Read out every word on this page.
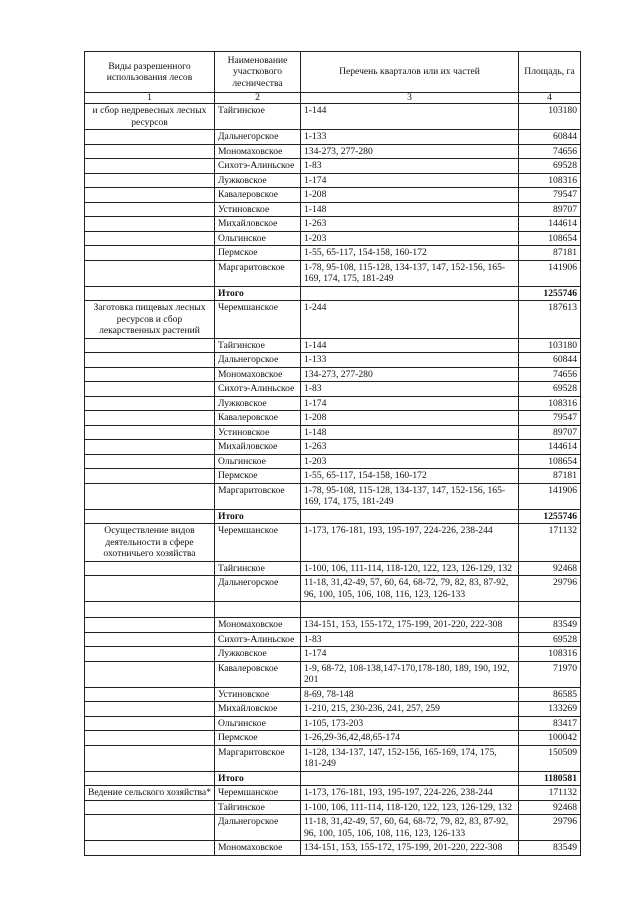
Виды разрешенного использования лесов	Наименование участкового лесничества	Перечень кварталов или их частей	Площадь, га
1	2	3	4
и сбор недревесных лесных ресурсов	Тайгинское	1-144	103180
	Дальнегорское	1-133	60844
	Мономаховское	134-273, 277-280	74656
	Сихотэ-Алиньское	1-83	69528
	Лужковское	1-174	108316
	Кавалеровское	1-208	79547
	Устиновское	1-148	89707
	Михайловское	1-263	144614
	Ольгинское	1-203	108654
	Пермское	1-55, 65-117, 154-158, 160-172	87181
	Маргаритовское	1-78, 95-108, 115-128, 134-137, 147, 152-156, 165-169, 174, 175, 181-249	141906
	Итого		1255746
Заготовка пищевых лесных ресурсов и сбор лекарственных растений	Черемшанское	1-244	187613
	Тайгинское	1-144	103180
	Дальнегорское	1-133	60844
	Мономаховское	134-273, 277-280	74656
	Сихотэ-Алиньское	1-83	69528
	Лужковское	1-174	108316
	Кавалеровское	1-208	79547
	Устиновское	1-148	89707
	Михайловское	1-263	144614
	Ольгинское	1-203	108654
	Пермское	1-55, 65-117, 154-158, 160-172	87181
	Маргаритовское	1-78, 95-108, 115-128, 134-137, 147, 152-156, 165-169, 174, 175, 181-249	141906
	Итого		1255746
Осуществление видов деятельности в сфере охотничьего хозяйства	Черемшанское	1-173, 176-181, 193, 195-197, 224-226, 238-244	171132
	Тайгинское	1-100, 106, 111-114, 118-120, 122, 123, 126-129, 132	92468
	Дальнегорское	11-18, 31,42-49, 57, 60, 64, 68-72, 79, 82, 83, 87-92, 96, 100, 105, 106, 108, 116, 123, 126-133	29796

	Мономаховское	134-151, 153, 155-172, 175-199, 201-220, 222-308	83549
	Сихотэ-Алиньское	1-83	69528
	Лужковское	1-174	108316
	Кавалеровское	1-9, 68-72, 108-138,147-170,178-180, 189, 190, 192, 201	71970
	Устиновское	8-69, 78-148	86585
	Михайловское	1-210, 215, 230-236, 241, 257, 259	133269
	Ольгинское	1-105, 173-203	83417
	Пермское	1-26,29-36,42,48,65-174	100042
	Маргаритовское	1-128, 134-137, 147, 152-156, 165-169, 174, 175, 181-249	150509
	Итого		1180581
Ведение сельского хозяйства*	Черемшанское	1-173, 176-181, 193, 195-197, 224-226, 238-244	171132
	Тайгинское	1-100, 106, 111-114, 118-120, 122, 123, 126-129, 132	92468
	Дальнегорское	11-18, 31,42-49, 57, 60, 64, 68-72, 79, 82, 83, 87-92, 96, 100, 105, 106, 108, 116, 123, 126-133	29796
	Мономаховское	134-151, 153, 155-172, 175-199, 201-220, 222-308	83549
